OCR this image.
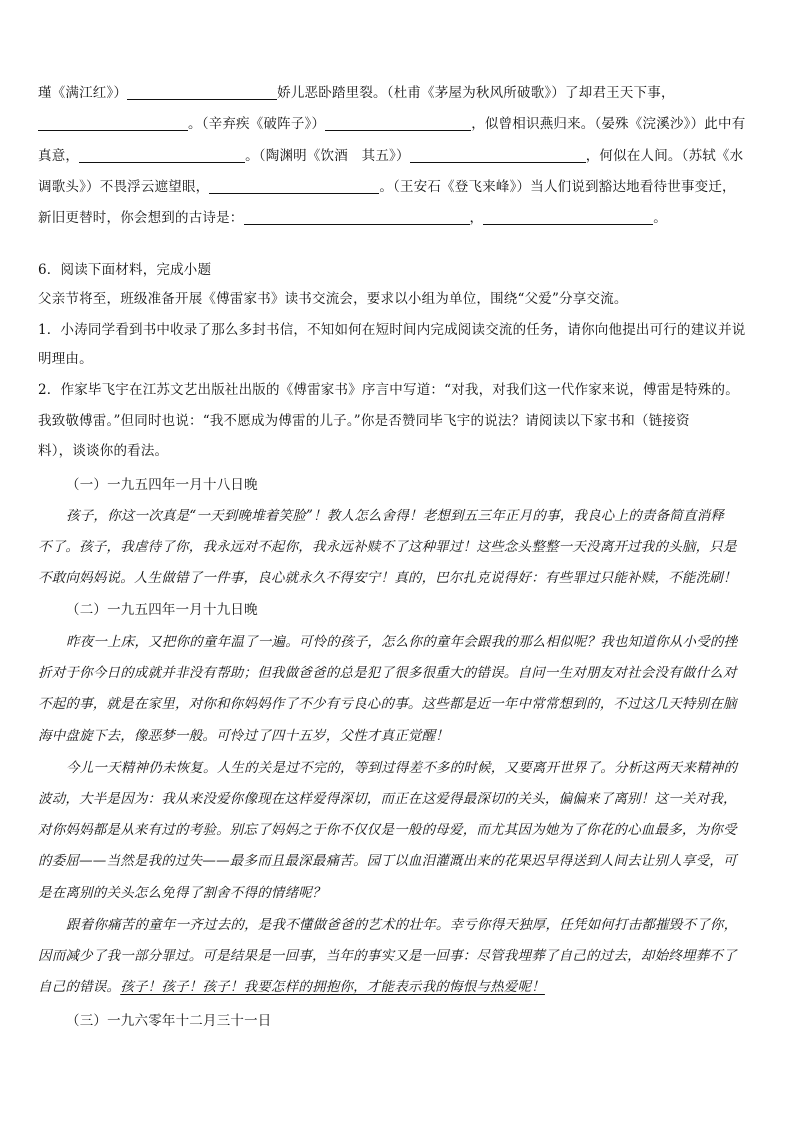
瑾《满江红》）	娇儿恶卧踏里裂。（杜甫《茅屋为秋风所破歌》）了却君王天下事，
。（辛弃疾《破阵子》）	，似曾相识燕归来。（晏殊《浣溪沙》）此中有
真意，	。（陶渊明《饮酒　其五》）	，何似在人间。（苏轼《水
调歌头》）不畏浮云遮望眼，	。（王安石《登飞来峰》）当人们说到豁达地看待世事变迁，
新旧更替时，你会想到的古诗是：	，	。
6．阅读下面材料，完成小题
父亲节将至，班级准备开展《傅雷家书》读书交流会，要求以小组为单位，围绕“父爱”分享交流。
1．小涛同学看到书中收录了那么多封书信，不知如何在短时间内完成阅读交流的任务，请你向他提出可行的建议并说
明理由。
2．作家毕飞宇在江苏文艺出版社出版的《傅雷家书》序言中写道：“对我，对我们这一代作家来说，傅雷是特殊的。
我致敬傅雷。”但同时也说：“我不愿成为傅雷的儿子。”你是否赞同毕飞宇的说法？请阅读以下家书和（链接资
料），谈谈你的看法。
（一）一九五四年一月十八日晚
孩子，你这一次真是“一天到晚堆着笑脸”！教人怎么舍得！老想到五三年正月的事，我良心上的责备简直消释
不了。孩子，我虐待了你，我永远对不起你，我永远补赎不了这种罪过！这些念头整整一天没离开过我的头脑，只是
不敢向妈妈说。人生做错了一件事，良心就永久不得安宁！真的，巴尔扎克说得好：有些罪过只能补赎，不能洗刷！
（二）一九五四年一月十九日晚
昨夜一上床，又把你的童年温了一遍。可怜的孩子，怎么你的童年会跟我的那么相似呢？我也知道你从小受的挫
折对于你今日的成就并非没有帮助；但我做爸爸的总是犯了很多很重大的错误。自问一生对朋友对社会没有做什么对
不起的事，就是在家里，对你和你妈妈作了不少有亏良心的事。这些都是近一年中常常想到的，不过这几天特别在脑
海中盘旋下去，像恶梦一般。可怜过了四十五岁，父性才真正觉醒！
今儿一天精神仍未恢复。人生的关是过不完的，等到过得差不多的时候，又要离开世界了。分析这两天来精神的
波动，大半是因为：我从来没爱你像现在这样爱得深切，而正在这爱得最深切的关头，偏偏来了离别！这一关对我，
对你妈妈都是从来有过的考验。别忘了妈妈之于你不仅仅是一般的母爱，而尤其因为她为了你花的心血最多，为你受
的委屈——当然是我的过失——最多而且最深最痛苦。园丁以血泪灌溉出来的花果迟早得送到人间去让别人享受，可
是在离别的关头怎么免得了割舍不得的情绪呢？
跟着你痛苦的童年一齐过去的，是我不懂做爸爸的艺术的壮年。幸亏你得天独厚，任凭如何打击都摧毁不了你，
因而减少了我一部分罪过。可是结果是一回事，当年的事实又是一回事：尽管我埋葬了自己的过去，却始终埋葬不了
自己的错误。孩子！孩子！孩子！我要怎样的拥抱你，才能表示我的悔恨与热爱呢！
（三）一九六零年十二月三十一日
